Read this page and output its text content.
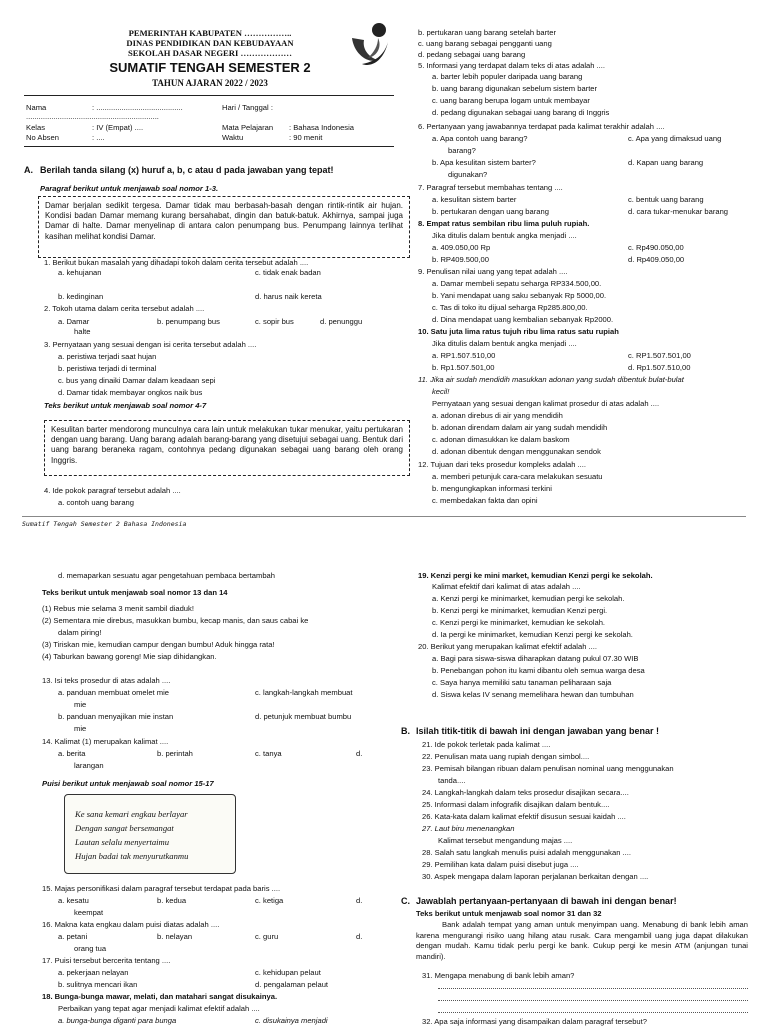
PEMERINTAH KABUPATEN ……………..
DINAS PENDIDIKAN DAN KEBUDAYAAN
SEKOLAH DASAR NEGERI ………………
SUMATIF TENGAH SEMESTER 2
TAHUN AJARAN 2022 / 2023
Nama	: .........................................	Hari / Tanggal :
...............................................................
Kelas	: IV (Empat) ....	Mata Pelajaran : Bahasa Indonesia
No Absen	: ....	Waktu	: 90 menit
A. Berilah tanda silang (x) huruf a, b, c atau d pada jawaban yang tepat!
Paragraf berikut untuk menjawab soal nomor 1-3.
Damar berjalan sedikit tergesa. Damar tidak mau berbasah-basah dengan rintik-rintik air hujan. Kondisi badan Damar memang kurang bersahabat, dingin dan batuk-batuk. Akhirnya, sampai juga Damar di halte. Damar menyelinap di antara calon penumpang bus. Penumpang lainnya terlihat kasihan melihat kondisi Damar.
1. Berikut bukan masalah yang dihadapi tokoh dalam cerita tersebut adalah ....
a. kehujanan	c. tidak enak badan
b. kedinginan	d. harus naik kereta
2. Tokoh utama dalam cerita tersebut adalah ....
a. Damar	b. penumpang bus	c. sopir bus	d. penunggu
halte
3. Pernyataan yang sesuai dengan isi cerita tersebut adalah ....
a. peristiwa terjadi saat hujan
b. peristiwa terjadi di terminal
c. bus yang dinaiki Damar dalam keadaan sepi
d. Damar tidak membayar ongkos naik bus
Teks berikut untuk menjawab soal nomor 4-7
Kesulitan barter mendorong munculnya cara lain untuk melakukan tukar menukar, yaitu pertukaran dengan uang barang. Uang barang adalah barang-barang yang disetujui sebagai uang. Bentuk dari uang barang beraneka ragam, contohnya pedang digunakan sebagai uang barang oleh orang Inggris.
4. Ide pokok paragraf tersebut adalah ....
a. contoh uang barang
b. pertukaran uang barang setelah barter
c. uang barang sebagai pengganti uang
d. pedang sebagai uang barang
5. Informasi yang terdapat dalam teks di atas adalah ....
a. barter lebih populer daripada uang barang
b. uang barang digunakan sebelum sistem barter
c. uang barang berupa logam untuk membayar
d. pedang digunakan sebagai uang barang di Inggris
6. Pertanyaan yang jawabannya terdapat pada kalimat terakhir adalah ....
a. Apa contoh uang barang?	c. Apa yang dimaksud uang
barang?
b. Apa kesulitan sistem barter?	d. Kapan uang barang
digunakan?
7. Paragraf tersebut membahas tentang ....
a. kesulitan sistem barter	c. bentuk uang barang
b. pertukaran dengan uang barang	d. cara tukar-menukar barang
8. Empat ratus sembilan ribu lima puluh rupiah.
Jika ditulis dalam bentuk angka menjadi ....
a. 409.050,00 Rp	c. Rp490.050,00
b. RP409.500,00	d. Rp409.050,00
9. Penulisan nilai uang yang tepat adalah ....
a. Damar membeli sepatu seharga RP334.500,00.
b. Yani mendapat uang saku sebanyak Rp 5000,00.
c. Tas di toko itu dijual seharga Rp285.800,00.
d. Dina mendapat uang kembalian sebanyak Rp2000.
10. Satu juta lima ratus tujuh ribu lima ratus satu rupiah
Jika ditulis dalam bentuk angka menjadi ....
a. RP1.507.510,00	c. RP1.507.501,00
b. Rp1.507.501,00	d. Rp1.507.510,00
11. Jika air sudah mendidih masukkan adonan yang sudah dibentuk bulat-bulat
kecil!
Pernyataan yang sesuai dengan kalimat prosedur di atas adalah ....
a. adonan direbus di air yang mendidih
b. adonan direndam dalam air yang sudah mendidih
c. adonan dimasukkan ke dalam baskom
d. adonan dibentuk dengan menggunakan sendok
12. Tujuan dari teks prosedur kompleks adalah ....
a. memberi petunjuk cara-cara melakukan sesuatu
b. mengungkapkan informasi terkini
c. membedakan fakta dan opini
Sumatif Tengah Semester 2 Bahasa Indonesia
d. memaparkan sesuatu agar pengetahuan pembaca bertambah
Teks berikut untuk menjawab soal nomor 13 dan 14
(1) Rebus mie selama 3 menit sambil diaduk!
(2) Sementara mie direbus, masukkan bumbu, kecap manis, dan saus cabai ke
dalam piring!
(3) Tiriskan mie, kemudian campur dengan bumbu! Aduk hingga rata!
(4) Taburkan bawang goreng! Mie siap dihidangkan.
13. Isi teks prosedur di atas adalah ....
a. panduan membuat omelet mie	c. langkah-langkah membuat
mie
b. panduan menyajikan mie instan	d. petunjuk membuat bumbu
mie
14. Kalimat (1) merupakan kalimat ....
a. berita	b. perintah	c. tanya	d.
larangan
Puisi berikut untuk menjawab soal nomor 15-17
Ke sana kemari engkau berlayar
Dengan sangat bersemangat
Lautan selalu menyertaimu
Hujan badai tak menyurutkanmu
15. Majas personifikasi dalam paragraf tersebut terdapat pada baris ....
a. kesatu	b. kedua	c. ketiga	d.
keempat
16. Makna kata engkau dalam puisi diatas adalah ....
a. petani	b. nelayan	c. guru	d.
orang tua
17. Puisi tersebut bercerita tentang ....
a. pekerjaan nelayan	c. kehidupan pelaut
b. sulitnya mencari ikan	d. pengalaman pelaut
18. Bunga-bunga mawar, melati, dan matahari sangat disukainya.
Perbaikan yang tepat agar menjadi kalimat efektif adalah ....
a. bunga-bunga diganti para bunga	c. disukainya menjadi
19. Kenzi pergi ke mini market, kemudian Kenzi pergi ke sekolah.
Kalimat efektif dari kalimat di atas adalah ....
a. Kenzi pergi ke minimarket, kemudian pergi ke sekolah.
b. Kenzi pergi ke minimarket, kemudian Kenzi pergi.
c. Kenzi pergi ke minimarket, kemudian ke sekolah.
d. Ia pergi ke minimarket, kemudian Kenzi pergi ke sekolah.
20. Berikut yang merupakan kalimat efektif adalah ....
a. Bagi para siswa-siswa diharapkan datang pukul 07.30 WIB
b. Penebangan pohon itu kami dibantu oleh semua warga desa
c. Saya hanya memiliki satu tanaman peliharaan saja
d. Siswa kelas IV senang memelihara hewan dan tumbuhan
B. Isilah titik-titik di bawah ini dengan jawaban yang benar !
21. Ide pokok terletak pada kalimat ....
22. Penulisan mata uang rupiah dengan simbol....
23. Pemisah bilangan ribuan dalam penulisan nominal uang menggunakan
tanda....
24. Langkah-langkah dalam teks prosedur disajikan secara....
25. Informasi dalam infografik disajikan dalam bentuk....
26. Kata-kata dalam kalimat efektif disusun sesuai kaidah ....
27. Laut biru menenangkan
Kalimat tersebut mengandung majas ....
28. Salah satu langkah menulis puisi adalah menggunakan ....
29. Pemilihan kata dalam puisi disebut juga ....
30. Aspek mengapa dalam laporan perjalanan berkaitan dengan ....
C. Jawablah pertanyaan-pertanyaan di bawah ini dengan benar!
Teks berikut untuk menjawab soal nomor 31 dan 32
Bank adalah tempat yang aman untuk menyimpan uang. Menabung di bank lebih aman karena mengurangi risiko uang hilang atau rusak. Cara mengambil uang juga dapat dilakukan dengan mudah. Kamu tidak perlu pergi ke bank. Cukup pergi ke mesin ATM (anjungan tunai mandiri).
31. Mengapa menabung di bank lebih aman?
32. Apa saja informasi yang disampaikan dalam paragraf tersebut?
